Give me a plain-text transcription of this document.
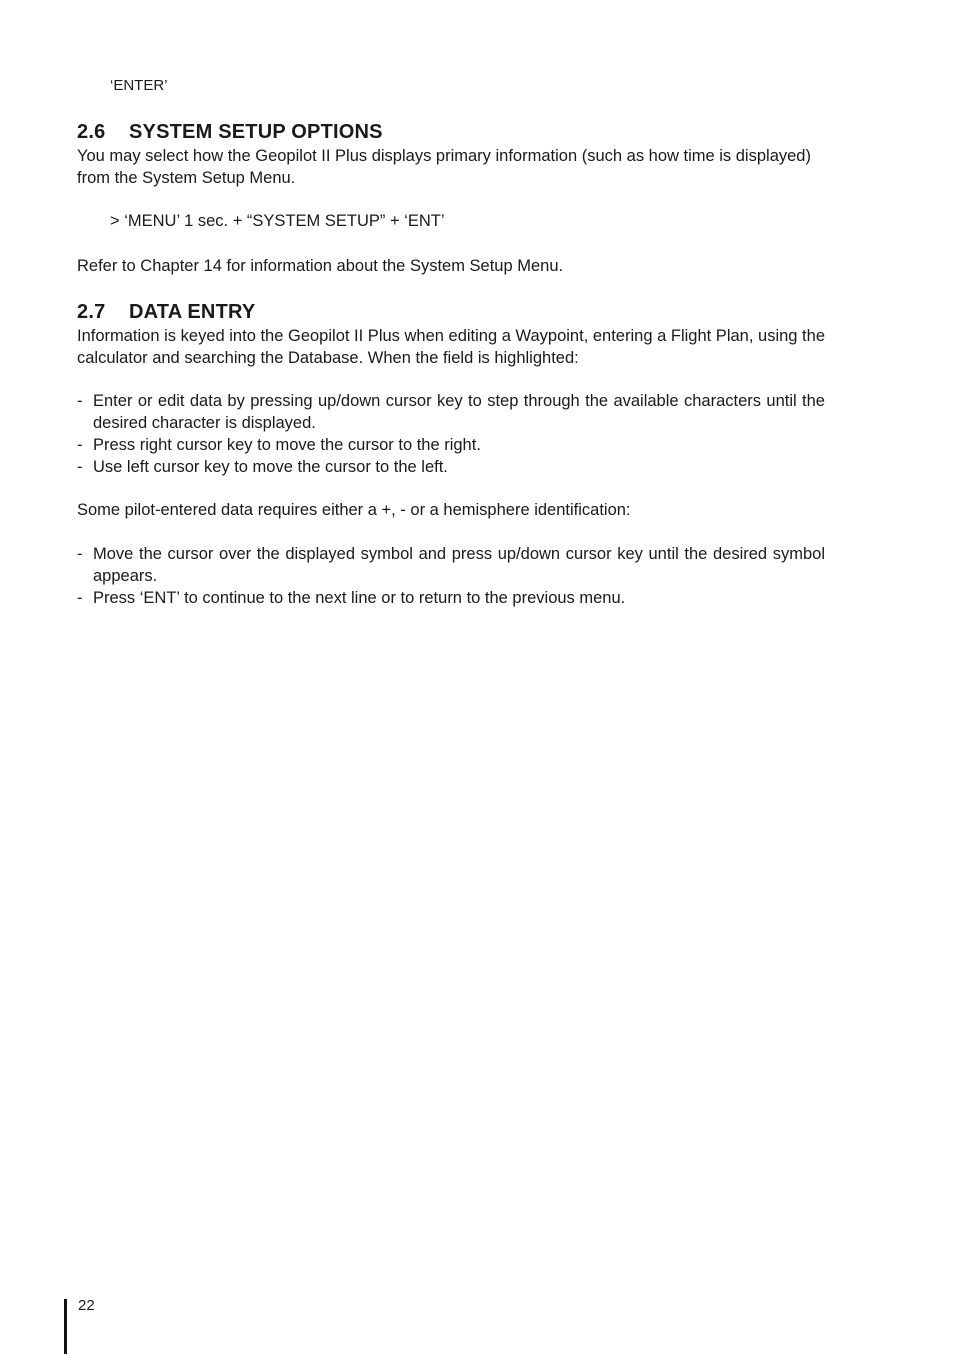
‘ENTER’
2.6 SYSTEM SETUP OPTIONS
You may select how the Geopilot II Plus displays primary information (such as how time is displayed)
from the System Setup Menu.
> ‘MENU’ 1 sec. + “SYSTEM SETUP” + ‘ENT’
Refer to Chapter 14 for information about the System Setup Menu.
2.7 DATA ENTRY
Information is keyed into the Geopilot II Plus when editing a Waypoint, entering a Flight Plan, using the calculator and searching the Database. When the field is highlighted:
- Enter or edit data by pressing up/down cursor key to step through the available characters until the desired character is displayed.
- Press right cursor key to move the cursor to the right.
- Use left cursor key to move the cursor to the left.
Some pilot-entered data requires either a +, - or a hemisphere identification:
- Move the cursor over the displayed symbol and press up/down cursor key until the desired symbol appears.
- Press ‘ENT’ to continue to the next line or to return to the previous menu.
22
